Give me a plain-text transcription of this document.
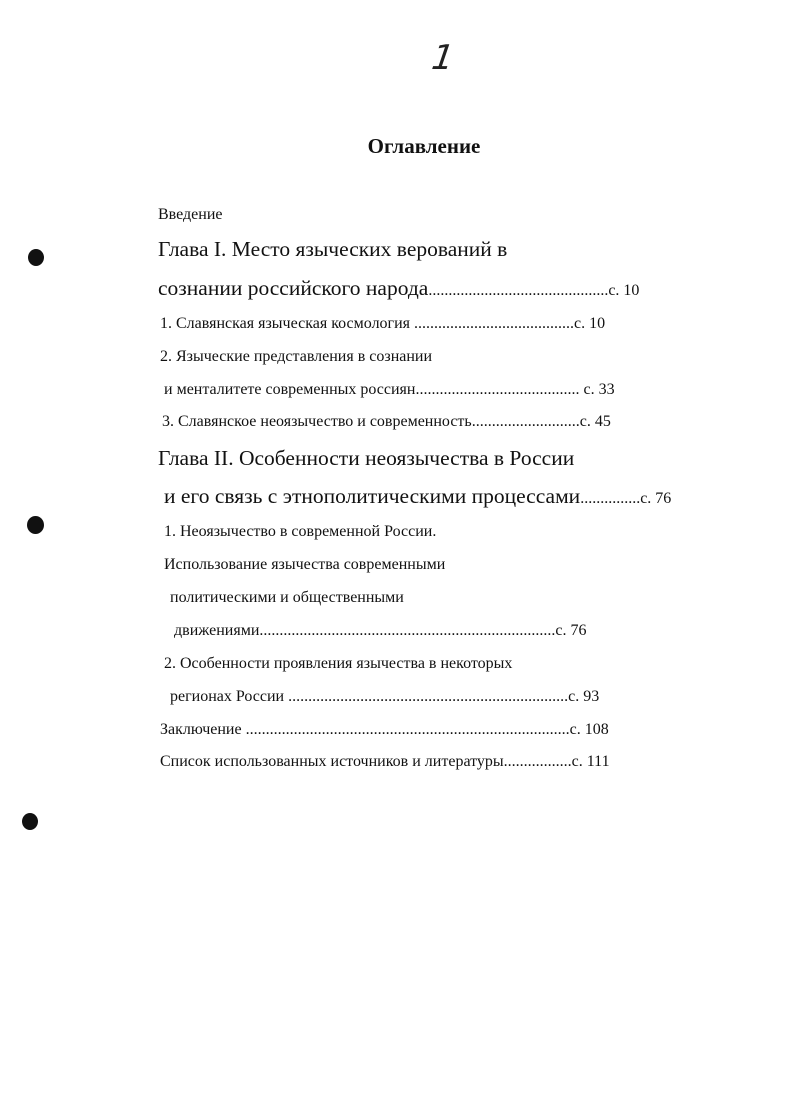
1
Оглавление
Введение
Глава I. Место языческих верований в
сознании российского народа.............................................с. 10
1. Славянская языческая космология ........................................с. 10
2. Языческие представления в сознании
и менталитете современных россиян......................................... с. 33
3. Славянское неоязычество и современность...........................с. 45
Глава II. Особенности неоязычества в России
и его связь с этнополитическими процессами...............с. 76
1. Неоязычество в современной России.
Использование язычества современными
политическими и общественными
движениями..........................................................................с. 76
2. Особенности проявления язычества в некоторых
регионах России ......................................................................с. 93
Заключение .................................................................................с. 108
Список использованных источников и литературы.................с. 111
